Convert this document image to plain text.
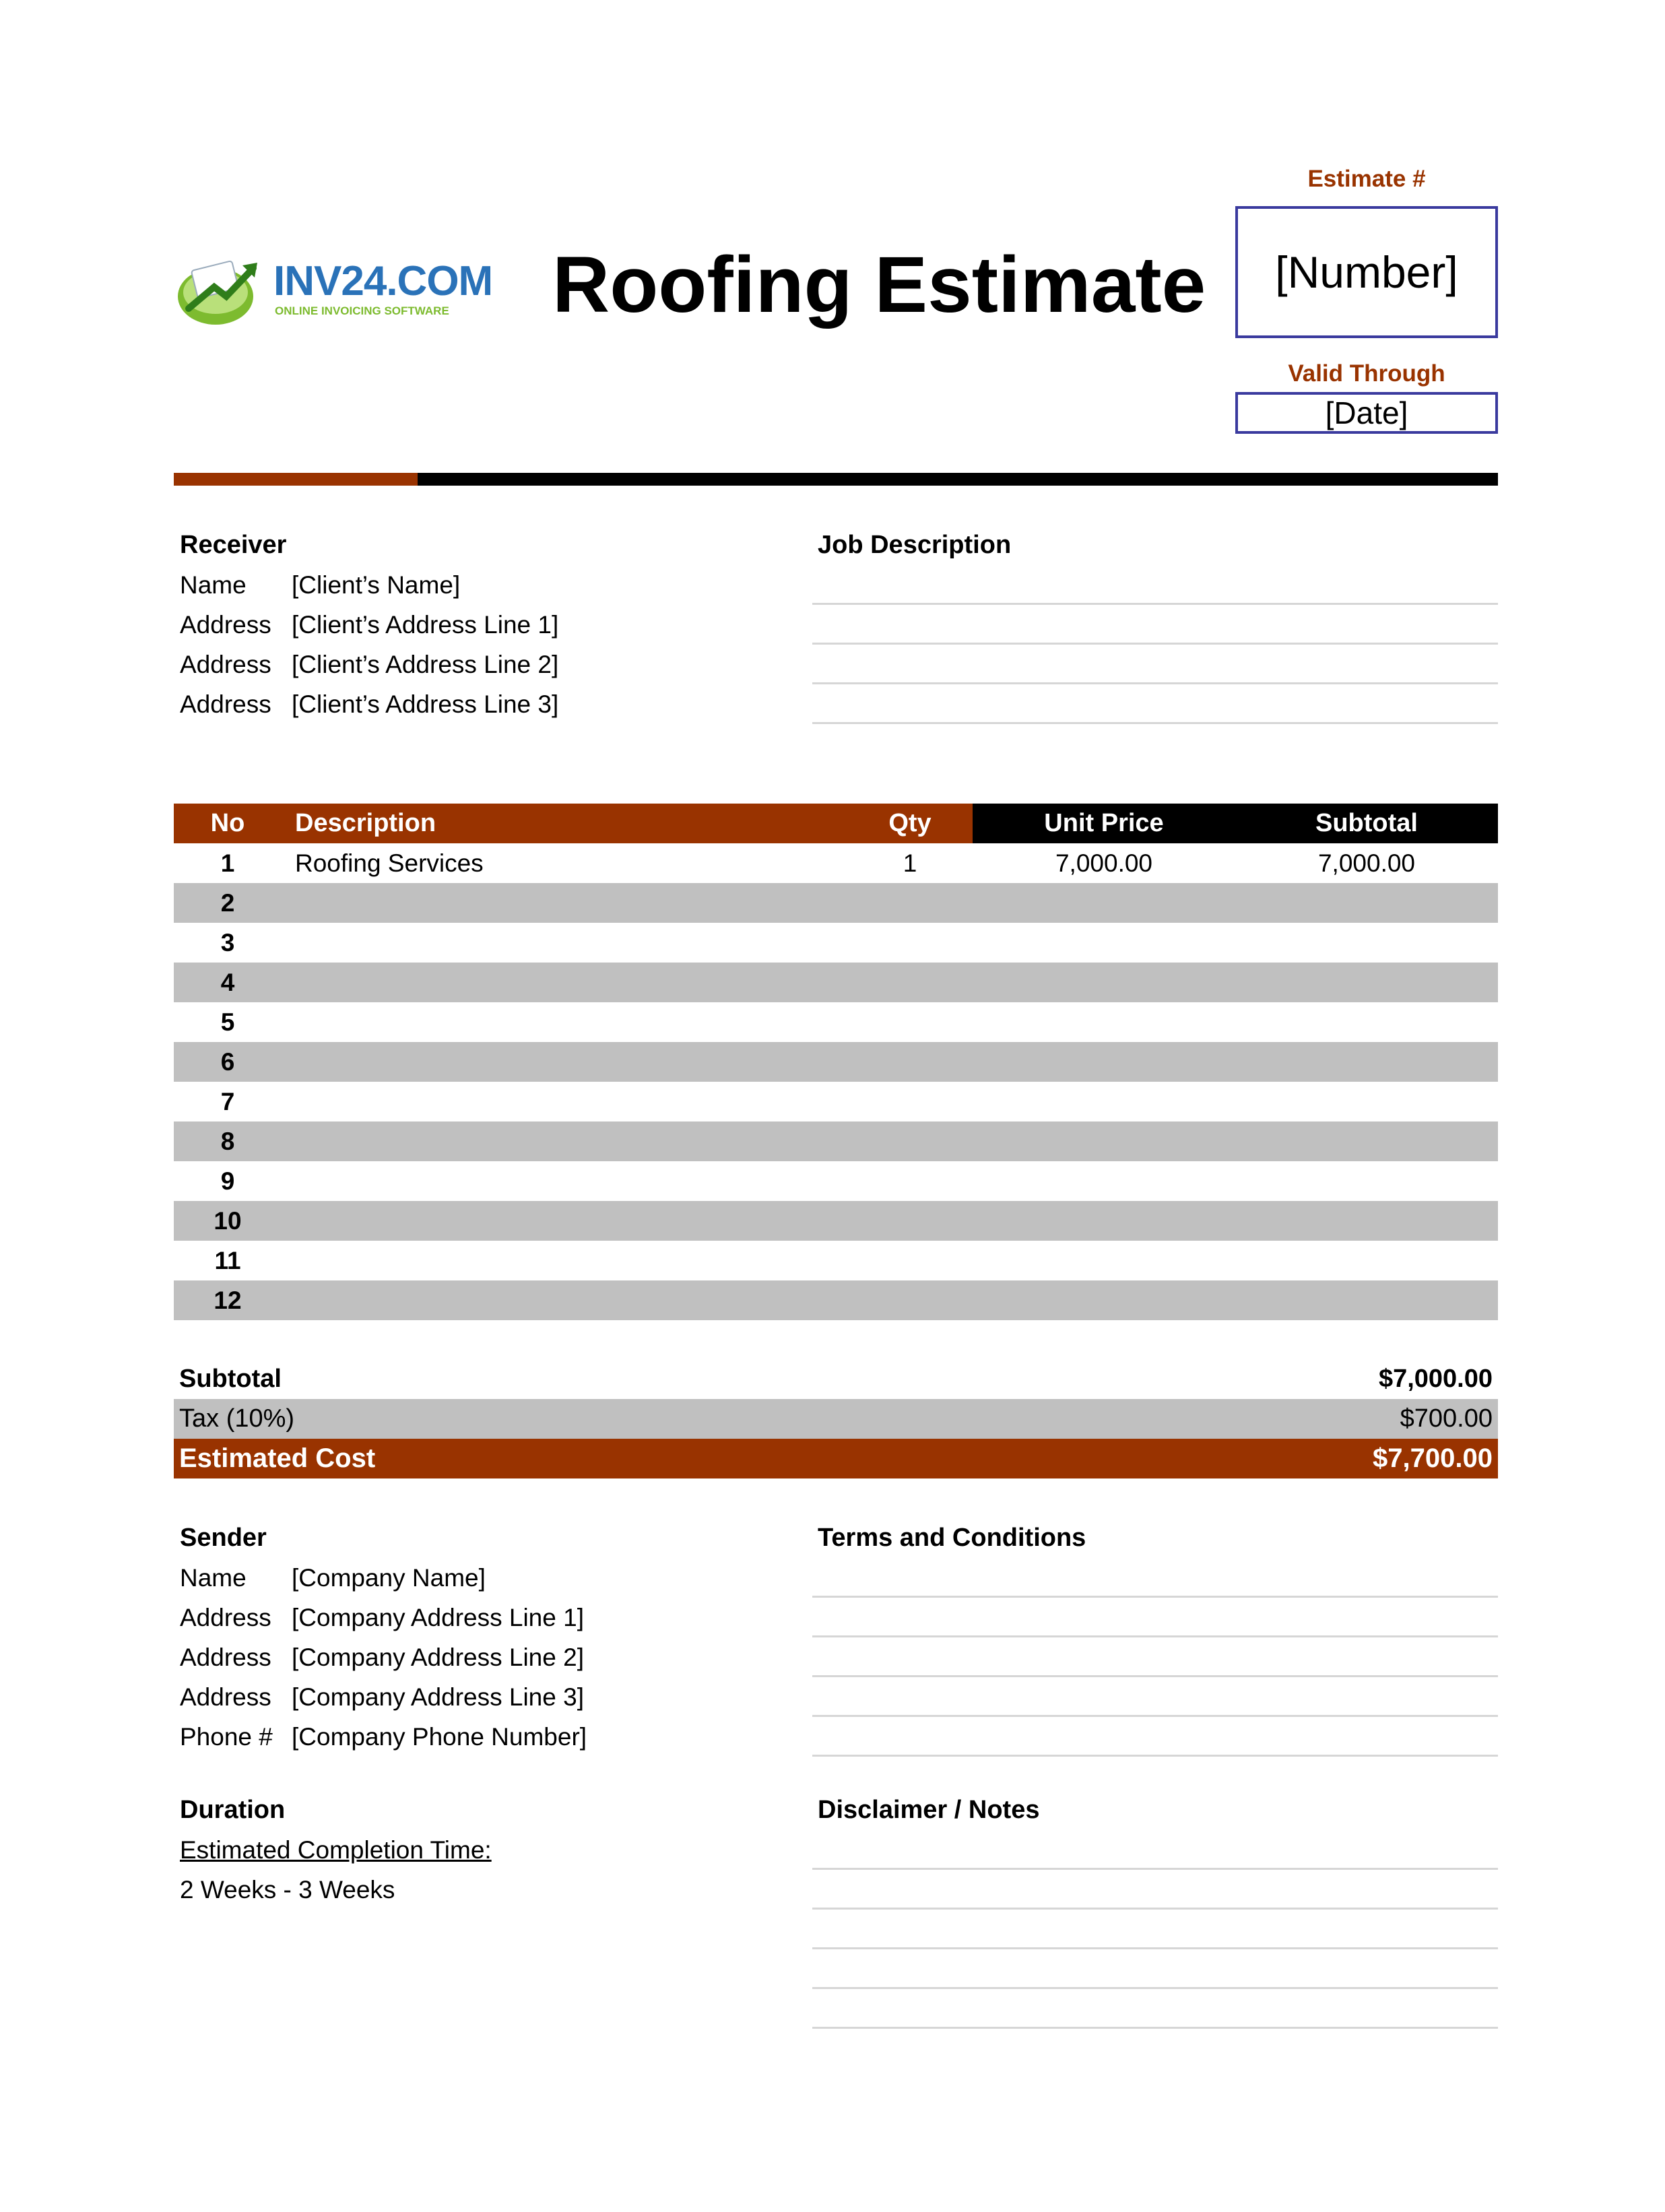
INV24.COM
ONLINE INVOICING SOFTWARE Roofing Estimate
Estimate #
[Number]
Valid Through
[Date]
Receiver
Name [Client’s Name]
Address [Client’s Address Line 1]
Address [Client’s Address Line 2]
Address [Client’s Address Line 3]
Job Description
No	Description	Qty	Unit Price	Subtotal
1	Roofing Services	1	7,000.00	7,000.00
2
3
4
5
6
7
8
9
10
11
12
Subtotal	$7,000.00
Tax (10%)	$700.00
Estimated Cost	$7,700.00
Sender
Name [Company Name]
Address [Company Address Line 1]
Address [Company Address Line 2]
Address [Company Address Line 3]
Phone # [Company Phone Number]
Terms and Conditions
Duration
Estimated Completion Time:
2 Weeks - 3 Weeks
Disclaimer / Notes
